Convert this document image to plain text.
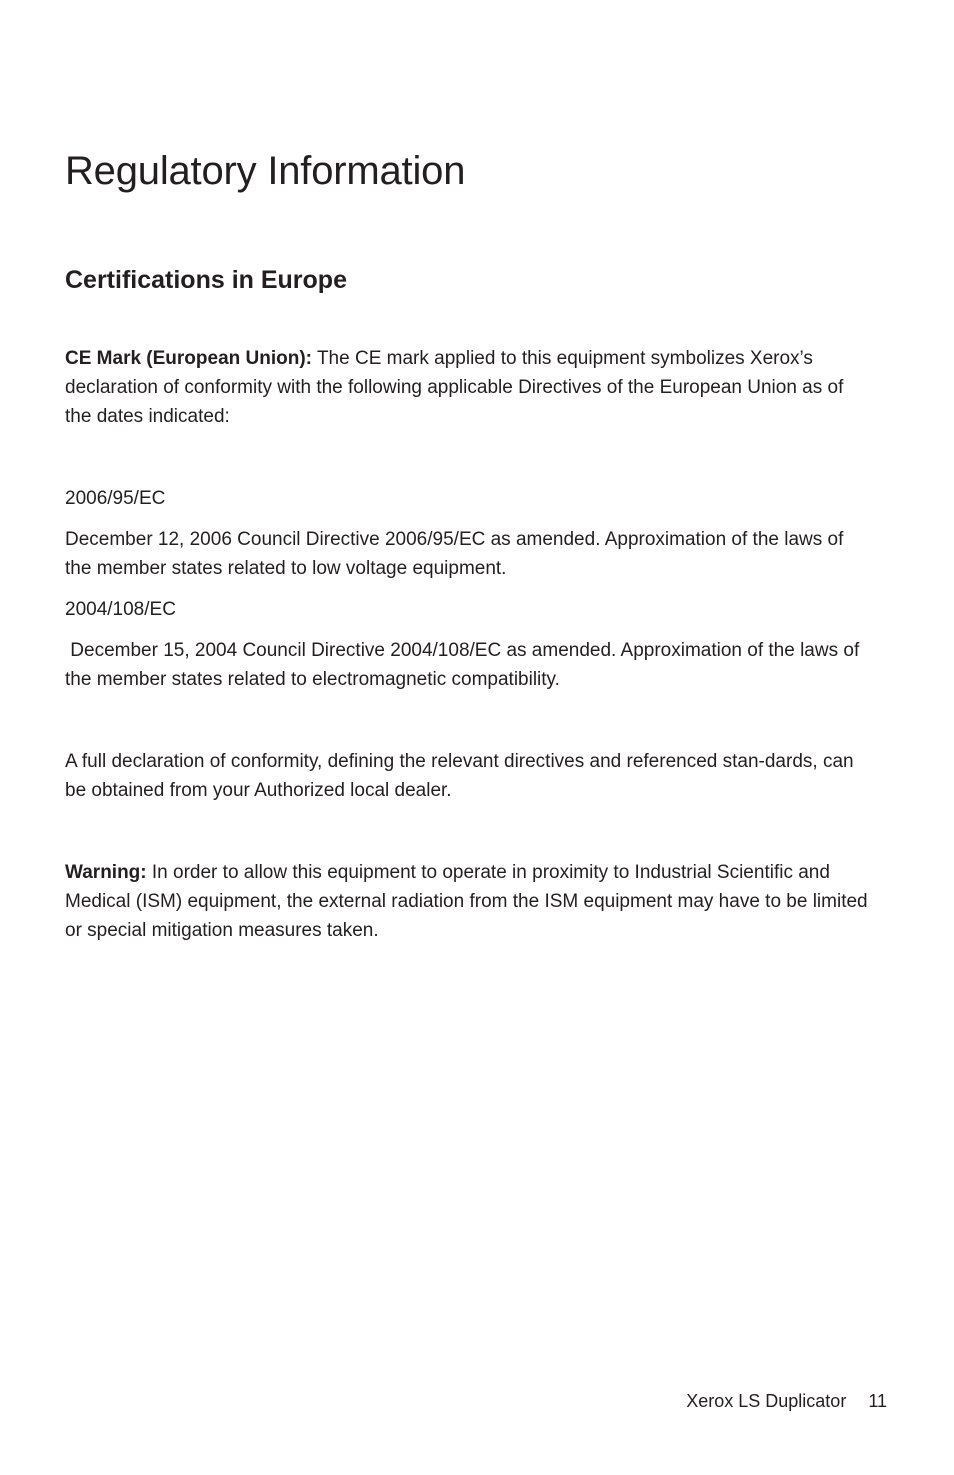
Regulatory Information
Certifications in Europe

CE Mark (European Union): The CE mark applied to this equipment symbolizes Xerox’s declaration of conformity with the following applicable Directives of the European Union as of the dates indicated:

2006/95/EC

December 12, 2006 Council Directive 2006/95/EC as amended. Approximation of the laws of the member states related to low voltage equipment.

2004/108/EC

December 15, 2004 Council Directive 2004/108/EC as amended. Approximation of the laws of the member states related to electromagnetic compatibility.

A full declaration of conformity, defining the relevant directives and referenced stan-dards, can be obtained from your Authorized local dealer.

Warning: In order to allow this equipment to operate in proximity to Industrial Scientific and Medical (ISM) equipment, the external radiation from the ISM equipment may have to be limited or special mitigation measures taken.

Xerox LS Duplicator 11
